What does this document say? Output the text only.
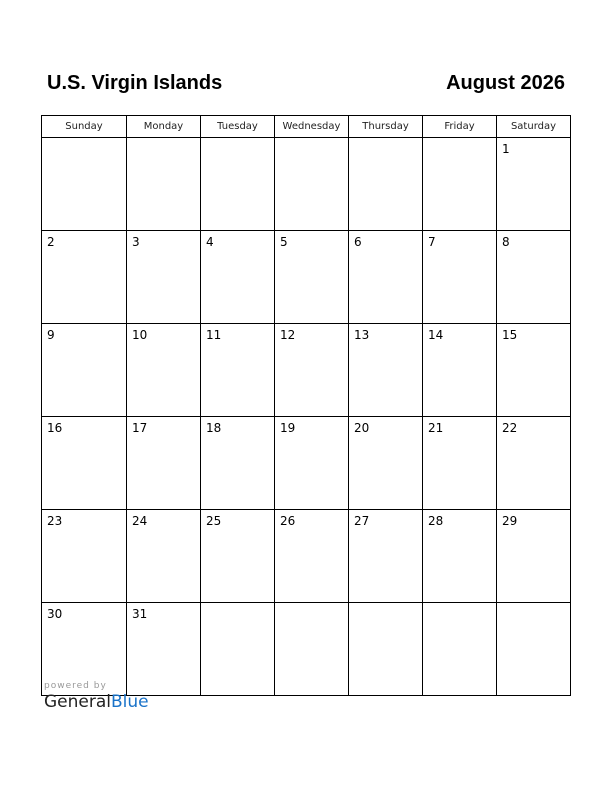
U.S. Virgin Islands	August 2026
Sunday	Monday	Tuesday	Wednesday	Thursday	Friday	Saturday
						1
2	3	4	5	6	7	8
9	10	11	12	13	14	15
16	17	18	19	20	21	22
23	24	25	26	27	28	29
30	31					
powered by
GeneralBlue
